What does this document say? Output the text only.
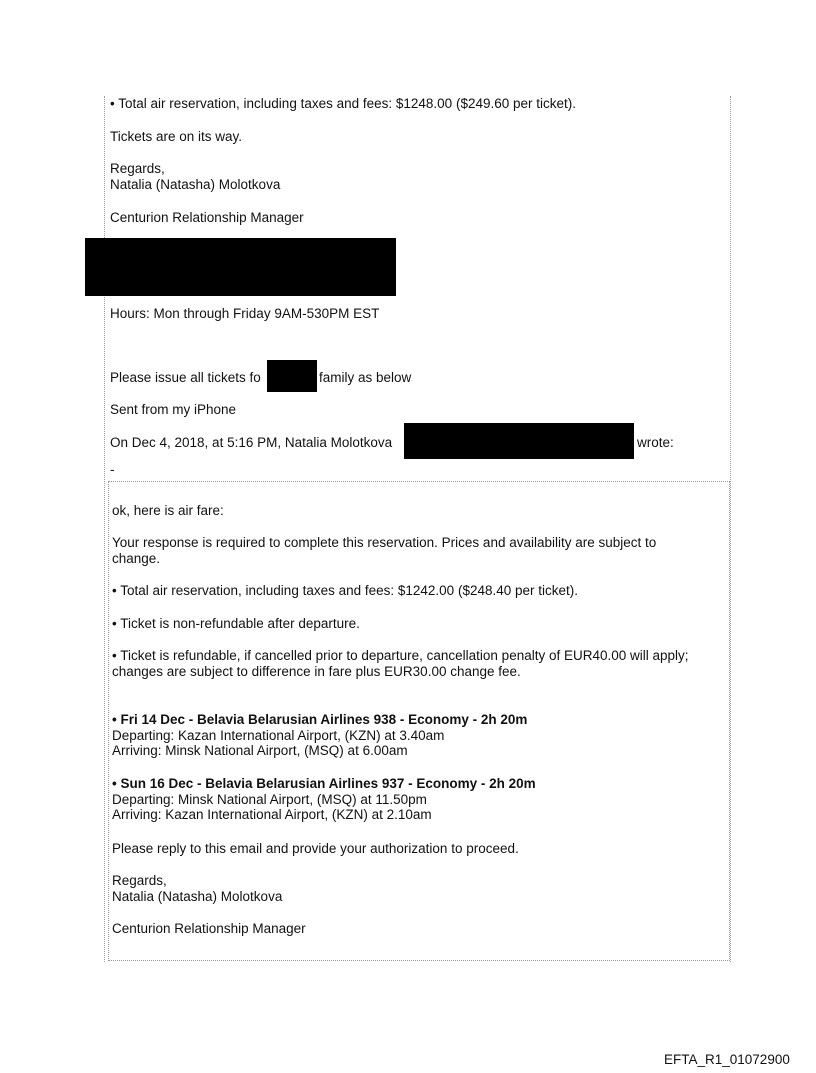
• Total air reservation, including taxes and fees: $1248.00 ($249.60 per ticket).
Tickets are on its way.
Regards,
Natalia (Natasha) Molotkova
Centurion Relationship Manager
Hours: Mon through Friday 9AM-530PM EST
Please issue all tickets fo	family as below
Sent from my iPhone
On Dec 4, 2018, at 5:16 PM, Natalia Molotkova	wrote:
-
ok, here is air fare:
Your response is required to complete this reservation. Prices and availability are subject to
change.
• Total air reservation, including taxes and fees: $1242.00 ($248.40 per ticket).
• Ticket is non-refundable after departure.
• Ticket is refundable, if cancelled prior to departure, cancellation penalty of EUR40.00 will apply;
changes are subject to difference in fare plus EUR30.00 change fee.
• Fri 14 Dec - Belavia Belarusian Airlines 938 - Economy - 2h 20m
Departing: Kazan International Airport, (KZN) at 3.40am
Arriving: Minsk National Airport, (MSQ) at 6.00am
• Sun 16 Dec - Belavia Belarusian Airlines 937 - Economy - 2h 20m
Departing: Minsk National Airport, (MSQ) at 11.50pm
Arriving: Kazan International Airport, (KZN) at 2.10am
Please reply to this email and provide your authorization to proceed.
Regards,
Natalia (Natasha) Molotkova
Centurion Relationship Manager
EFTA_R1_01072900
